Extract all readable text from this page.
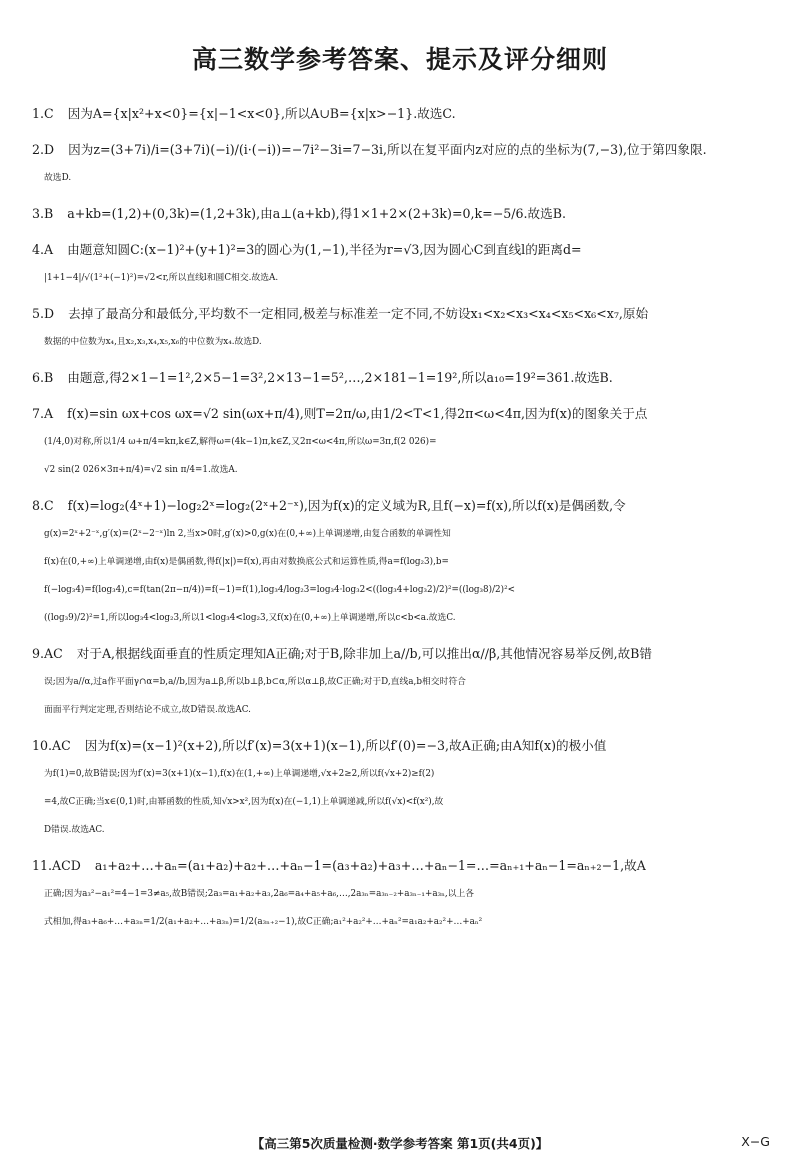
高三数学参考答案、提示及评分细则
1.C 因为A={x|x²+x<0}={x|−1<x<0},所以A∪B={x|x>−1}.故选C.
2.D 因为z=(3+7i)/i=(3+7i)(−i)/(i·(−i))=−7i²−3i=7−3i,所以在复平面内z对应的点的坐标为(7,−3),位于第四象限.
故选D.
3.B a+kb=(1,2)+(0,3k)=(1,2+3k),由a⊥(a+kb),得1×1+2×(2+3k)=0,k=−5/6.故选B.
4.A 由题意知圆C:(x−1)²+(y+1)²=3的圆心为(1,−1),半径为r=√3,因为圆心C到直线l的距离d=
|1+1−4|/√(1²+(−1)²)=√2<r,所以直线l和圆C相交.故选A.
5.D 去掉了最高分和最低分,平均数不一定相同,极差与标准差一定不同,不妨设x₁<x₂<x₃<x₄<x₅<x₆<x₇,原始
数据的中位数为x₄,且x₂,x₃,x₄,x₅,x₆的中位数为x₄.故选D.
6.B 由题意,得2×1−1=1²,2×5−1=3²,2×13−1=5²,…,2×181−1=19²,所以a₁₀=19²=361.故选B.
7.A f(x)=sin ωx+cos ωx=√2 sin(ωx+π/4),则T=2π/ω,由1/2<T<1,得2π<ω<4π,因为f(x)的图象关于点
(1/4,0)对称,所以1/4 ω+π/4=kπ,k∈Z,解得ω=(4k−1)π,k∈Z,又2π<ω<4π,所以ω=3π,f(2 026)=
√2 sin(2 026×3π+π/4)=√2 sin π/4=1.故选A.
8.C f(x)=log₂(4ˣ+1)−log₂2ˣ=log₂(2ˣ+2⁻ˣ),因为f(x)的定义域为R,且f(−x)=f(x),所以f(x)是偶函数,令
g(x)=2ˣ+2⁻ˣ,g′(x)=(2ˣ−2⁻ˣ)ln 2,当x>0时,g′(x)>0,g(x)在(0,+∞)上单调递增,由复合函数的单调性知
f(x)在(0,+∞)上单调递增,由f(x)是偶函数,得f(|x|)=f(x),再由对数换底公式和运算性质,得a=f(log₂3),b=
f(−log₃4)=f(log₃4),c=f(tan(2π−π/4))=f(−1)=f(1),log₃4/log₂3=log₃4·log₃2<((log₃4+log₃2)/2)²=((log₃8)/2)²<
((log₃9)/2)²=1,所以log₃4<log₂3,所以1<log₃4<log₂3,又f(x)在(0,+∞)上单调递增,所以c<b<a.故选C.
9.AC 对于A,根据线面垂直的性质定理知A正确;对于B,除非加上a//b,可以推出α//β,其他情况容易举反例,故B错
误;因为a//α,过a作平面γ∩α=b,a//b,因为a⊥β,所以b⊥β,b⊂α,所以α⊥β,故C正确;对于D,直线a,b相交时符合
面面平行判定定理,否则结论不成立,故D错误.故选AC.
10.AC 因为f(x)=(x−1)²(x+2),所以f′(x)=3(x+1)(x−1),所以f′(0)=−3,故A正确;由A知f(x)的极小值
为f(1)=0,故B错误;因为f′(x)=3(x+1)(x−1),f(x)在(1,+∞)上单调递增,√x+2≥2,所以f(√x+2)≥f(2)
=4,故C正确;当x∈(0,1)时,由幂函数的性质,知√x>x²,因为f(x)在(−1,1)上单调递减,所以f(√x)<f(x²),故
D错误.故选AC.
11.ACD a₁+a₂+…+aₙ=(a₁+a₂)+a₂+…+aₙ−1=(a₃+a₂)+a₃+…+aₙ−1=…=aₙ₊₁+aₙ−1=aₙ₊₂−1,故A
正确;因为a₃²−a₁²=4−1=3≠a₅,故B错误;2a₃=a₁+a₂+a₃,2a₆=a₄+a₅+a₆,…,2a₃ₙ=a₃ₙ₋₂+a₃ₙ₋₁+a₃ₙ,以上各
式相加,得a₃+a₆+…+a₃ₙ=1/2(a₁+a₂+…+a₃ₙ)=1/2(a₃ₙ₊₂−1),故C正确;a₁²+a₂²+…+aₙ²=a₁a₂+a₂²+…+aₙ²
【高三第5次质量检测·数学参考答案 第1页(共4页)】	X−G
